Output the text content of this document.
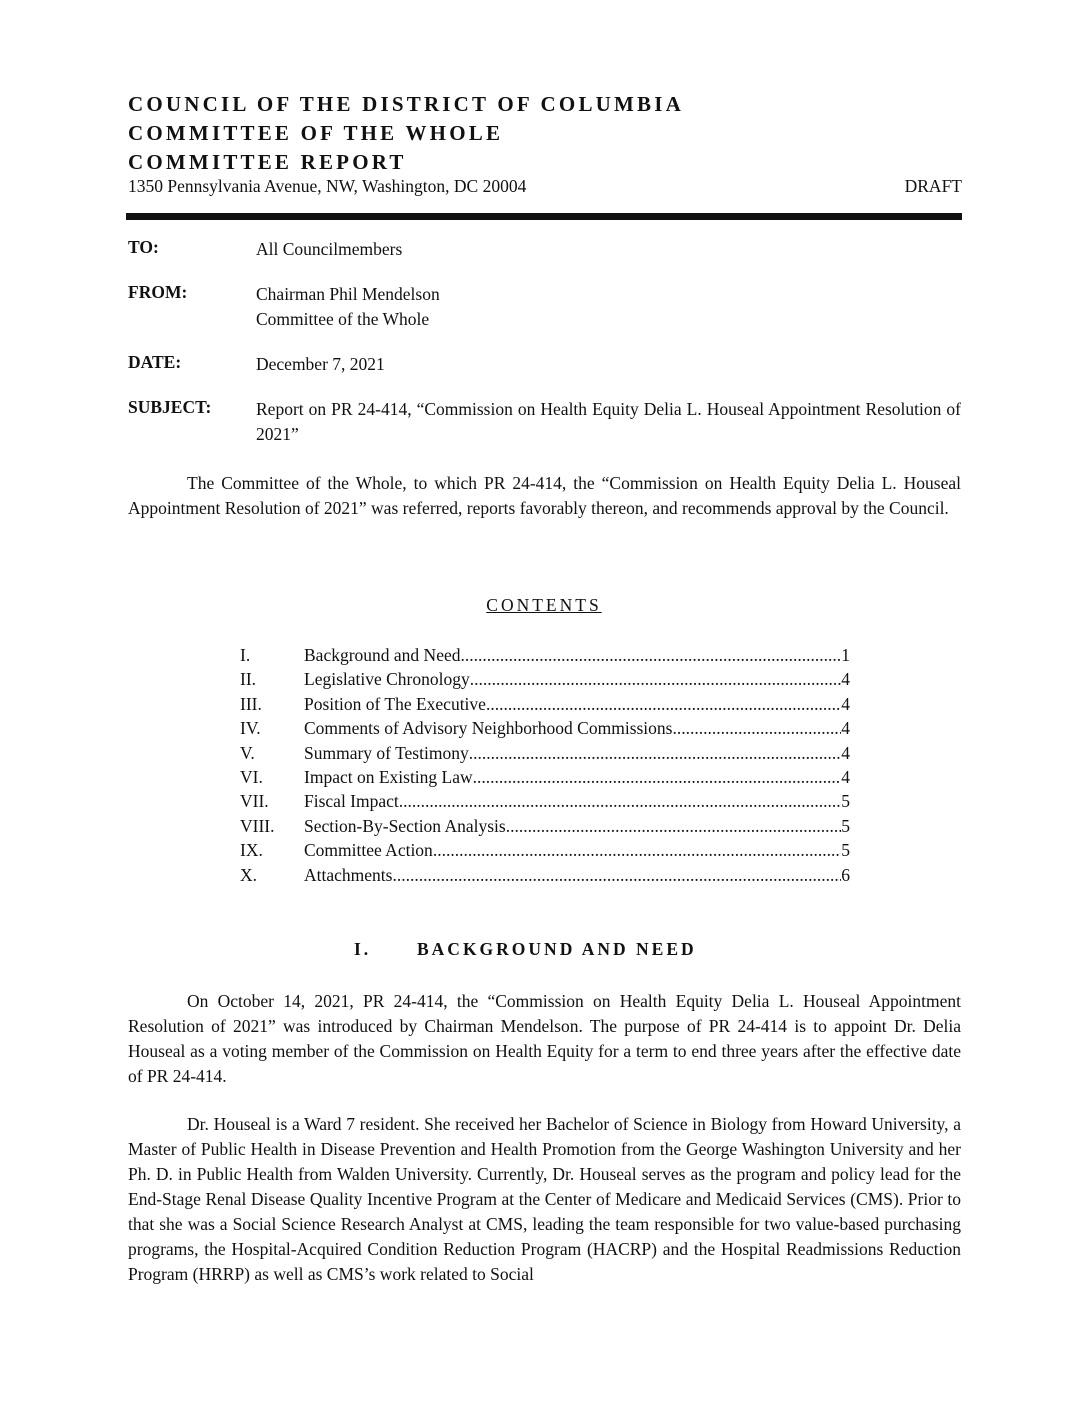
COUNCIL OF THE DISTRICT OF COLUMBIA
COMMITTEE OF THE WHOLE
COMMITTEE REPORT
1350 Pennsylvania Avenue, NW, Washington, DC 20004	DRAFT
TO:	All Councilmembers
FROM:	Chairman Phil Mendelson
Committee of the Whole
DATE:	December 7, 2021
SUBJECT:	Report on PR 24-414, “Commission on Health Equity Delia L. Houseal Appointment Resolution of 2021”
The Committee of the Whole, to which PR 24-414, the “Commission on Health Equity Delia L. Houseal Appointment Resolution of 2021” was referred, reports favorably thereon, and recommends approval by the Council.
CONTENTS
I.	Background and Need .....	1
II.	Legislative Chronology .....	4
III.	Position of The Executive .....	4
IV.	Comments of Advisory Neighborhood Commissions .....	4
V.	Summary of Testimony .....	4
VI.	Impact on Existing Law .....	4
VII.	Fiscal Impact .....	5
VIII.	Section-By-Section Analysis .....	5
IX.	Committee Action .....	5
X.	Attachments .....	6
I.	BACKGROUND AND NEED
On October 14, 2021, PR 24-414, the “Commission on Health Equity Delia L. Houseal Appointment Resolution of 2021” was introduced by Chairman Mendelson. The purpose of PR 24-414 is to appoint Dr. Delia Houseal as a voting member of the Commission on Health Equity for a term to end three years after the effective date of PR 24-414.
Dr. Houseal is a Ward 7 resident. She received her Bachelor of Science in Biology from Howard University, a Master of Public Health in Disease Prevention and Health Promotion from the George Washington University and her Ph. D. in Public Health from Walden University. Currently, Dr. Houseal serves as the program and policy lead for the End-Stage Renal Disease Quality Incentive Program at the Center of Medicare and Medicaid Services (CMS). Prior to that she was a Social Science Research Analyst at CMS, leading the team responsible for two value-based purchasing programs, the Hospital-Acquired Condition Reduction Program (HACRP) and the Hospital Readmissions Reduction Program (HRRP) as well as CMS’s work related to Social
